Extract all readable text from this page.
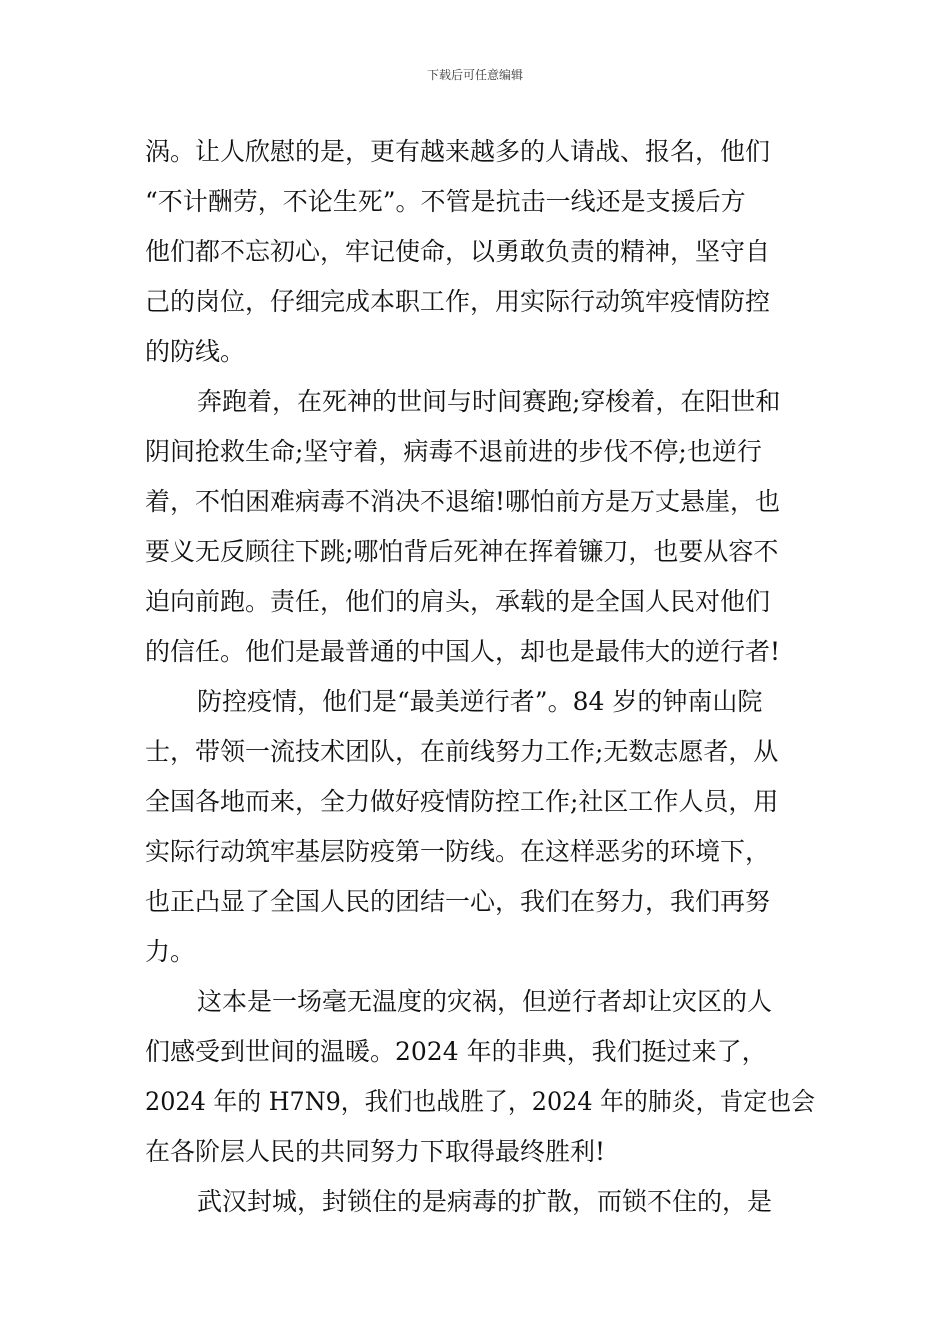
下载后可任意编辑
涡。让人欣慰的是，更有越来越多的人请战、报名，他们
“不计酬劳，不论生死”。不管是抗击一线还是支援后方
他们都不忘初心，牢记使命，以勇敢负责的精神，坚守自
己的岗位，仔细完成本职工作，用实际行动筑牢疫情防控
的防线。
奔跑着，在死神的世间与时间赛跑;穿梭着，在阳世和
阴间抢救生命;坚守着，病毒不退前进的步伐不停;也逆行
着，不怕困难病毒不消决不退缩!哪怕前方是万丈悬崖，也
要义无反顾往下跳;哪怕背后死神在挥着镰刀，也要从容不
迫向前跑。责任，他们的肩头，承载的是全国人民对他们
的信任。他们是最普通的中国人，却也是最伟大的逆行者!
防控疫情，他们是“最美逆行者”。84 岁的钟南山院
士，带领一流技术团队，在前线努力工作;无数志愿者，从
全国各地而来，全力做好疫情防控工作;社区工作人员，用
实际行动筑牢基层防疫第一防线。在这样恶劣的环境下，
也正凸显了全国人民的团结一心，我们在努力，我们再努
力。
这本是一场毫无温度的灾祸，但逆行者却让灾区的人
们感受到世间的温暖。2024 年的非典，我们挺过来了，
2024 年的 H7N9，我们也战胜了，2024 年的肺炎，肯定也会
在各阶层人民的共同努力下取得最终胜利!
武汉封城，封锁住的是病毒的扩散，而锁不住的，是
